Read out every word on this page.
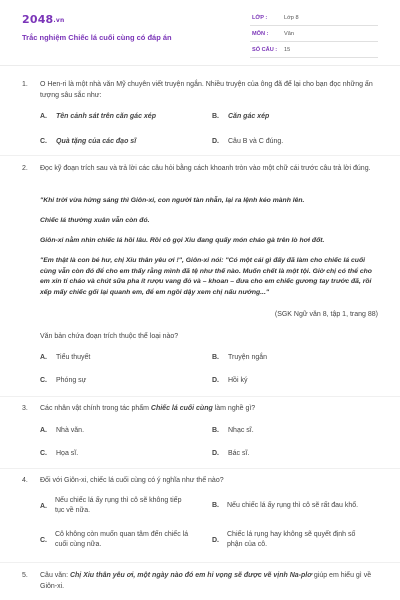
2048.vn
Trắc nghiệm Chiếc lá cuối cùng có đáp án
LỚP :	Lớp 8
MÔN :	Văn
SỐ CÂU : 15
1. O Hen-ri là một nhà văn Mỹ chuyên viết truyện ngắn. Nhiều truyện của ông đã để lại cho bạn đọc những ấn tượng sâu sắc như:
A. Tên cảnh sát trên căn gác xép	B. Căn gác xép
C. Quà tặng của các đạo sĩ	D. Câu B và C đúng.
2. Đọc kỹ đoạn trích sau và trả lời các câu hỏi bằng cách khoanh tròn vào một chữ cái trước câu trả lời đúng.
"Khi trời vừa hửng sáng thì Giôn-xi, con người tàn nhẫn, lại ra lệnh kéo mành lên.
Chiếc lá thường xuân vẫn còn đó.
Giôn-xi nằm nhìn chiếc lá hồi lâu. Rồi cô gọi Xiu đang quấy món cháo gà trên lò hơi đốt.
"Em thật là con bé hư, chị Xiu thân yêu ơi !", Giôn-xi nói: "Có một cái gì đấy đã làm cho chiếc lá cuối cùng vẫn còn đó để cho em thấy rằng mình đã tệ như thế nào. Muốn chết là một tội. Giờ chị có thể cho em xin tí cháo và chút sữa pha ít rượu vang đỏ và – khoan – đưa cho em chiếc gương tay trước đã, rồi xếp mấy chiếc gối lại quanh em, để em ngồi dậy xem chị nấu nướng..."
(SGK Ngữ văn 8, tập 1, trang 88)
Văn bản chứa đoạn trích thuộc thể loại nào?
A. Tiểu thuyết	B. Truyện ngắn
C. Phóng sự	D. Hồi ký
3. Các nhân vật chính trong tác phẩm Chiếc lá cuối cùng làm nghề gì?
A. Nhà văn.	B. Nhạc sĩ.
C. Họa sĩ.	D. Bác sĩ.
4. Đối với Giôn-xi, chiếc lá cuối cùng có ý nghĩa như thế nào?
A.
Nếu chiếc lá ấy rụng thì cô sẽ không tiếp tục về nữa.
B. Nếu chiếc lá ấy rụng thì cô sẽ rất đau khổ.
C.
Cô không còn muốn quan tâm đến chiếc lá cuối cùng nữa.
D.
Chiếc lá rụng hay không sẽ quyết định số phận của cô.
5. Câu văn: Chị Xiu thân yêu ơi, một ngày nào đó em hi vọng sẽ được vẽ vịnh Na-plơ giúp em hiểu gì về Giôn-xi.
